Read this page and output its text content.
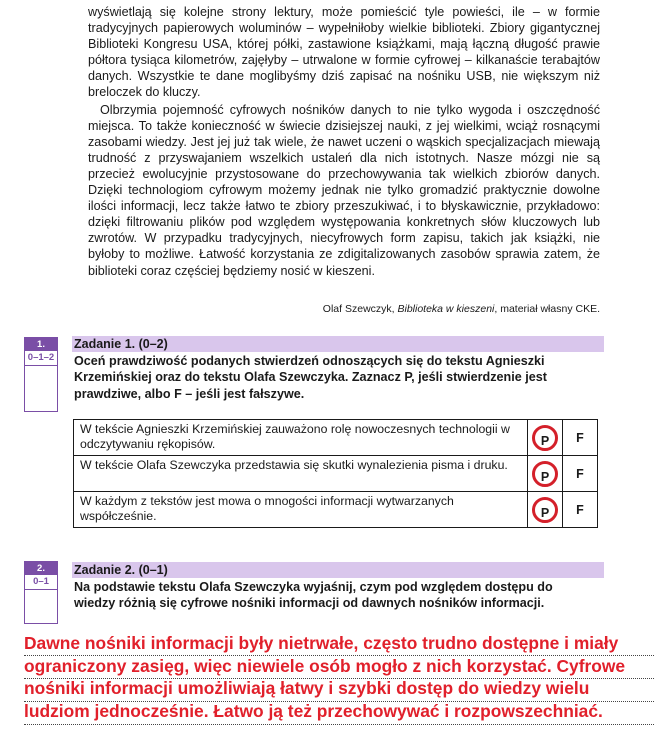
wyświetlają się kolejne strony lektury, może pomieścić tyle powieści, ile – w formie tradycyjnych papierowych woluminów – wypełniłoby wielkie biblioteki. Zbiory gigantycznej Biblioteki Kongresu USA, której półki, zastawione książkami, mają łączną długość prawie półtora tysiąca kilometrów, zajęłyby – utrwalone w formie cyfrowej – kilkanaście terabajtów danych. Wszystkie te dane moglibyśmy dziś zapisać na nośniku USB, nie większym niż breloczek do kluczy.

Olbrzymia pojemność cyfrowych nośników danych to nie tylko wygoda i oszczędność miejsca. To także konieczność w świecie dzisiejszej nauki, z jej wielkimi, wciąż rosnącymi zasobami wiedzy. Jest jej już tak wiele, że nawet uczeni o wąskich specjalizacjach miewają trudność z przyswajaniem wszelkich ustaleń dla nich istotnych. Nasze mózgi nie są przecież ewolucyjnie przystosowane do przechowywania tak wielkich zbiorów danych. Dzięki technologiom cyfrowym możemy jednak nie tylko gromadzić praktycznie dowolne ilości informacji, lecz także łatwo te zbiory przeszukiwać, i to błyskawicznie, przykładowo: dzięki filtrowaniu plików pod względem występowania konkretnych słów kluczowych lub zwrotów. W przypadku tradycyjnych, niecyfrowych form zapisu, takich jak książki, nie byłoby to możliwe. Łatwość korzystania ze zdigitalizowanych zasobów sprawia zatem, że biblioteki coraz częściej będziemy nosić w kieszeni.

Olaf Szewczyk, Biblioteka w kieszeni, materiał własny CKE.
1.
0–1–2
Zadanie 1. (0–2)
Oceń prawdziwość podanych stwierdzeń odnoszących się do tekstu Agnieszki Krzemińskiej oraz do tekstu Olafa Szewczyka. Zaznacz P, jeśli stwierdzenie jest prawdziwe, albo F – jeśli jest fałszywe.
W tekście Agnieszki Krzemińskiej zauważono rolę nowoczesnych technologii w odczytywaniu rękopisów.	P	F
W tekście Olafa Szewczyka przedstawia się skutki wynalezienia pisma i druku.	P	F
W każdym z tekstów jest mowa o mnogości informacji wytwarzanych współcześnie.	P	F
2.
0–1
Zadanie 2. (0–1)
Na podstawie tekstu Olafa Szewczyka wyjaśnij, czym pod względem dostępu do wiedzy różnią się cyfrowe nośniki informacji od dawnych nośników informacji.
Dawne nośniki informacji były nietrwałe, często trudno dostępne i miały ograniczony zasięg, więc niewiele osób mogło z nich korzystać. Cyfrowe nośniki informacji umożliwiają łatwy i szybki dostęp do wiedzy wielu ludziom jednocześnie. Łatwo ją też przechowywać i rozpowszechniać.
